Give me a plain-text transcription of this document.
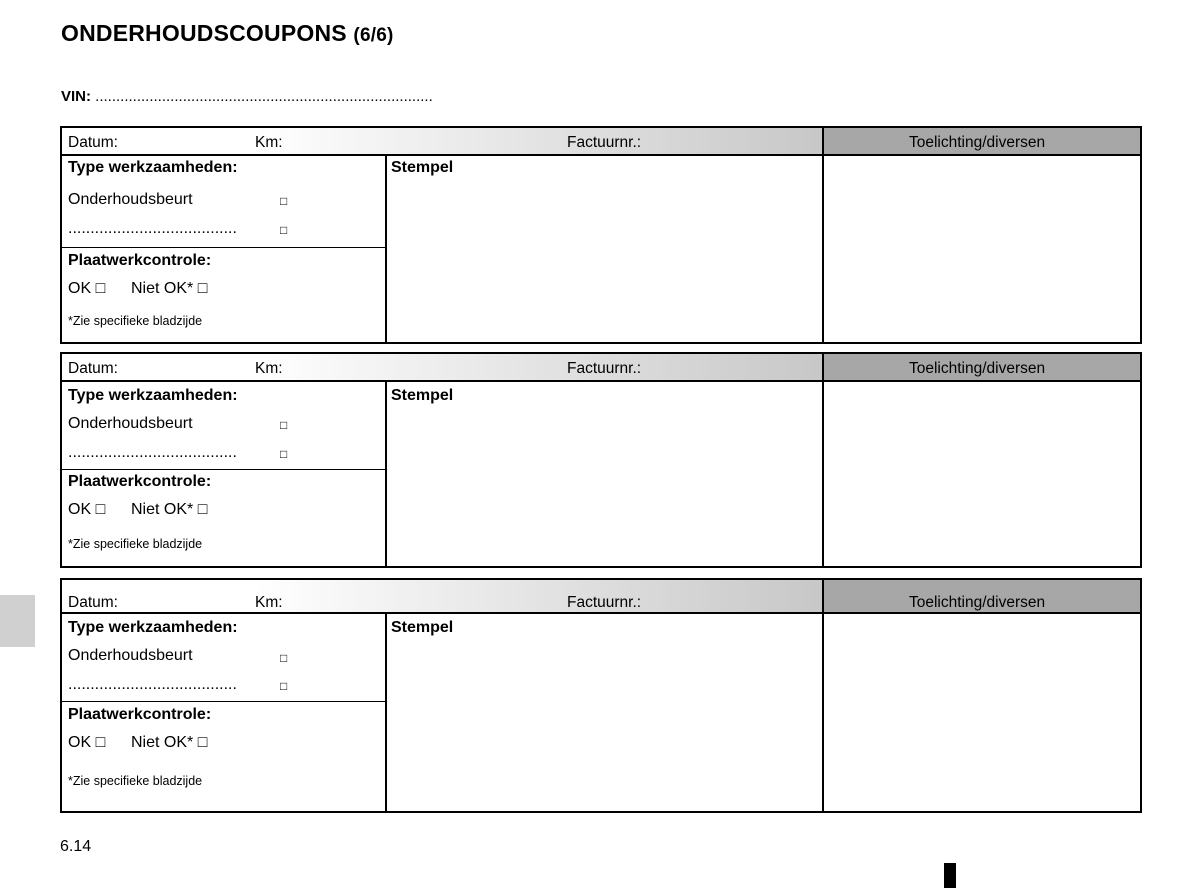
ONDERHOUDSCOUPONS (6/6)
VIN: .................................................................................
Datum:	Km:	Factuurnr.:	Toelichting/diversen
Type werkzaamheden:
Onderhoudsbeurt	□
......................................	□
Plaatwerkcontrole:
OK □ Niet OK* □
*Zie specifieke bladzijde
Stempel
Datum:	Km:	Factuurnr.:	Toelichting/diversen
Type werkzaamheden:
Onderhoudsbeurt	□
......................................	□
Plaatwerkcontrole:
OK □ Niet OK* □
*Zie specifieke bladzijde
Stempel
Datum:	Km:	Factuurnr.:	Toelichting/diversen
Type werkzaamheden:
Onderhoudsbeurt	□
......................................	□
Plaatwerkcontrole:
OK □ Niet OK* □
*Zie specifieke bladzijde
Stempel
6.14
